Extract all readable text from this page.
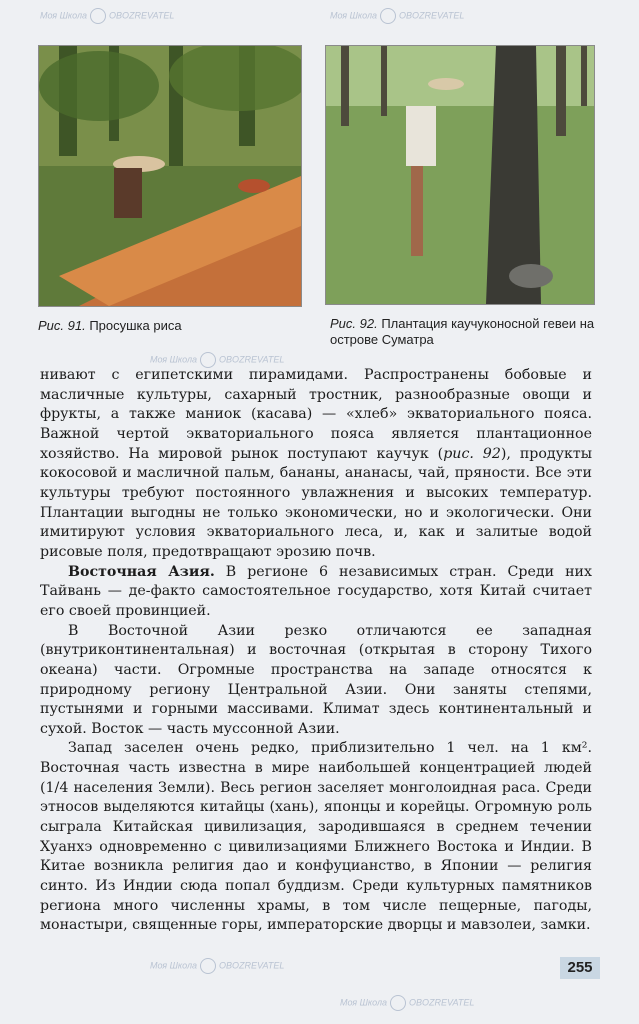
Моя Школа OBOZREVATEL	Моя Школа OBOZREVATEL
Моя Школа OBOZREVATEL
Моя Школа OBOZREVATEL
Моя Школа OBOZREVATEL
Рис. 91. Просушка риса	Рис. 92. Плантация каучуконосной гевеи на острове Суматра

нивают с египетскими пирамидами. Распространены бобовые и масличные культуры, сахарный тростник, разнообразные овощи и фрукты, а также маниок (касава) — «хлеб» экваториального пояса. Важной чертой экваториального пояса является плантационное хозяйство. На мировой рынок поступают каучук (рис. 92), продукты кокосовой и масличной пальм, бананы, ананасы, чай, пряности. Все эти культуры требуют постоянного увлажнения и высоких температур. Плантации выгодны не только экономически, но и экологически. Они имитируют условия экваториального леса, и, как и залитые водой рисовые поля, предотвращают эрозию почв.

Восточная Азия. В регионе 6 независимых стран. Среди них Тайвань — де-факто самостоятельное государство, хотя Китай считает его своей провинцией.

В Восточной Азии резко отличаются ее западная (внутриконтинентальная) и восточная (открытая в сторону Тихого океана) части. Огромные пространства на западе относятся к природному региону Центральной Азии. Они заняты степями, пустынями и горными массивами. Климат здесь континентальный и сухой. Восток — часть муссонной Азии.

Запад заселен очень редко, приблизительно 1 чел. на 1 км². Восточная часть известна в мире наибольшей концентрацией людей (1/4 населения Земли). Весь регион заселяет монголоидная раса. Среди этносов выделяются китайцы (хань), японцы и корейцы. Огромную роль сыграла Китайская цивилизация, зародившаяся в среднем течении Хуанхэ одновременно с цивилизациями Ближнего Востока и Индии. В Китае возникла религия дао и конфуцианство, в Японии — религия синто. Из Индии сюда попал буддизм. Среди культурных памятников региона много численны храмы, в том числе пещерные, пагоды, монастыри, священные горы, императорские дворцы и мавзолеи, замки.

255
